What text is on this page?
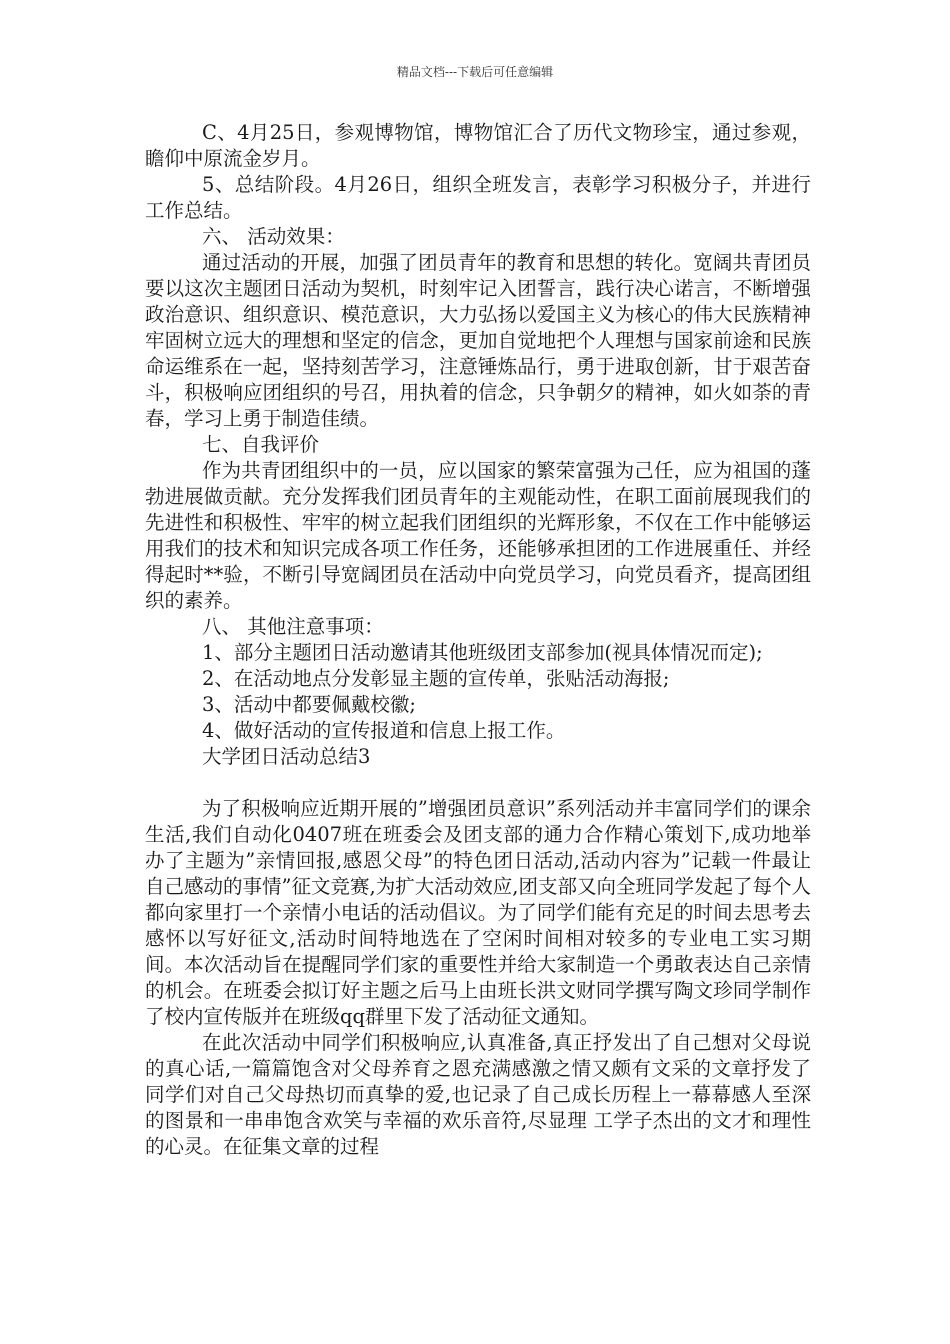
精品文档---下载后可任意编辑

C、4月25日，参观博物馆，博物馆汇合了历代文物珍宝，通过参观，瞻仰中原流金岁月。

5、总结阶段。4月26日，组织全班发言，表彰学习积极分子，并进行工作总结。

六、 活动效果：

通过活动的开展，加强了团员青年的教育和思想的转化。宽阔共青团员要以这次主题团日活动为契机，时刻牢记入团誓言，践行决心诺言，不断增强政治意识、组织意识、模范意识，大力弘扬以爱国主义为核心的伟大民族精神牢固树立远大的理想和坚定的信念，更加自觉地把个人理想与国家前途和民族命运维系在一起，坚持刻苦学习，注意锤炼品行，勇于进取创新，甘于艰苦奋斗，积极响应团组织的号召，用执着的信念，只争朝夕的精神，如火如荼的青春，学习上勇于制造佳绩。

七、自我评价

作为共青团组织中的一员，应以国家的繁荣富强为己任，应为祖国的蓬勃进展做贡献。充分发挥我们团员青年的主观能动性，在职工面前展现我们的先进性和积极性、牢牢的树立起我们团组织的光辉形象，不仅在工作中能够运用我们的技术和知识完成各项工作任务，还能够承担团的工作进展重任、并经得起时**验，不断引导宽阔团员在活动中向党员学习，向党员看齐，提高团组织的素养。

八、 其他注意事项：

1、部分主题团日活动邀请其他班级团支部参加(视具体情况而定);

2、在活动地点分发彰显主题的宣传单，张贴活动海报;

3、活动中都要佩戴校徽;

4、做好活动的宣传报道和信息上报工作。

大学团日活动总结3

为了积极响应近期开展的”增强团员意识”系列活动并丰富同学们的课余生活,我们自动化0407班在班委会及团支部的通力合作精心策划下,成功地举办了主题为”亲情回报,感恩父母”的特色团日活动,活动内容为”记载一件最让自己感动的事情”征文竞赛,为扩大活动效应,团支部又向全班同学发起了每个人都向家里打一个亲情小电话的活动倡议。为了同学们能有充足的时间去思考去感怀以写好征文,活动时间特地选在了空闲时间相对较多的专业电工实习期间。本次活动旨在提醒同学们家的重要性并给大家制造一个勇敢表达自己亲情的机会。在班委会拟订好主题之后马上由班长洪文财同学撰写陶文珍同学制作了校内宣传版并在班级qq群里下发了活动征文通知。

在此次活动中同学们积极响应,认真准备,真正抒发出了自己想对父母说的真心话,一篇篇饱含对父母养育之恩充满感激之情又颇有文采的文章抒发了同学们对自己父母热切而真挚的爱,也记录了自己成长历程上一幕幕感人至深的图景和一串串饱含欢笑与幸福的欢乐音符,尽显理 工学子杰出的文才和理性的心灵。在征集文章的过程
